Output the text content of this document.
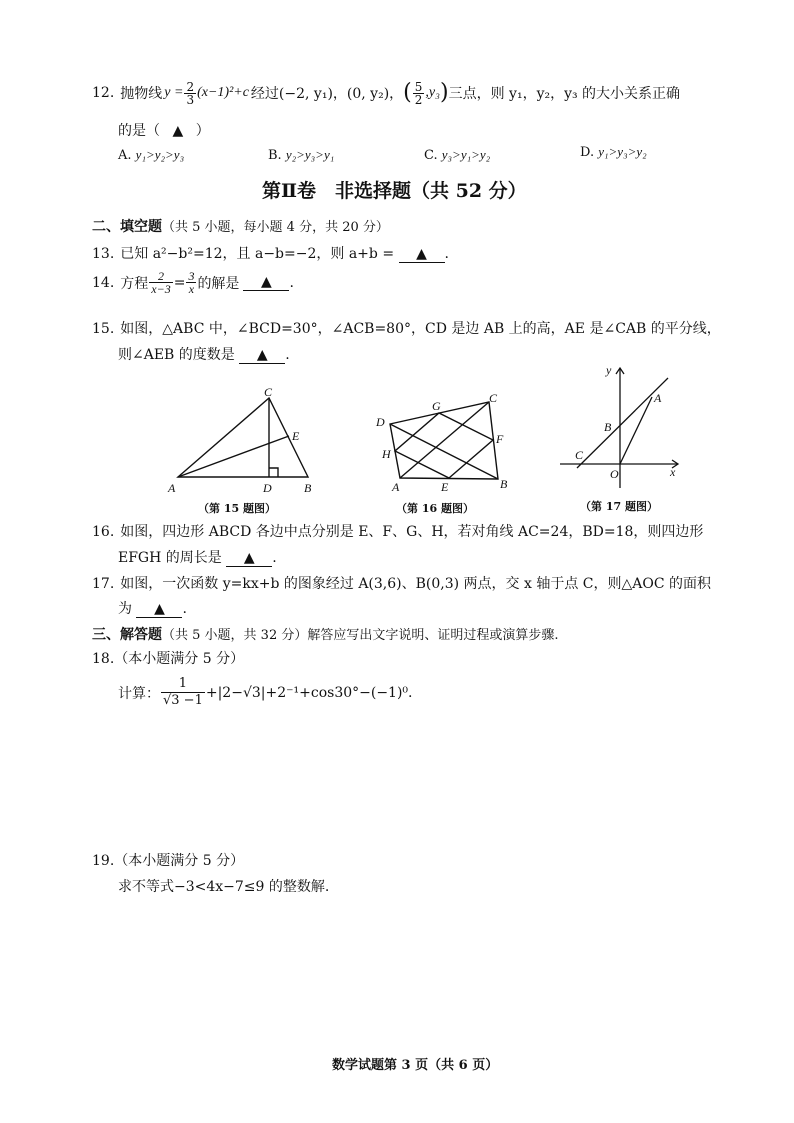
12. 抛物线 $y = \frac{2}{3} (x-1)^2+c$ 经过(−2, y₁)，(0, y₂)， ( $\frac{5}{2} ,y_3$ ) 三点，则 y₁，y₂，y₃ 的大小关系正确
的是（ ▲ ）
A. y₁>y₂>y₃	B. y₂>y₃>y₁	C. y₃>y₁>y₂	D. y₁>y₃>y₂
第Ⅱ卷　非选择题（共 52 分）
二、填空题（共 5 小题，每小题 4 分，共 20 分）
13. 已知 a²−b²=12，且 a−b=−2，则 a+b = ▲ .
14. 方程 $\frac{2}{x-3} = \frac{3}{x}$ 的解是	▲	.
15. 如图，△ABC 中，∠BCD=30°，∠ACB=80°，CD 是边 AB 上的高，AE 是∠CAB 的平分线，
则∠AEB 的度数是 ▲ .
A	B
C
D
E
（第 15 题图）
D
C
B
A	E
F
G
H
（第 16 题图）
y
x
A
B
C
O
（第 17 题图）
16. 如图，四边形 ABCD 各边中点分别是 E、F、G、H，若对角线 AC=24，BD=18，则四边形
EFGH 的周长是 ▲ .
17. 如图，一次函数 y=kx+b 的图象经过 A(3,6)、B(0,3) 两点，交 x 轴于点 C，则△AOC 的面积
为 ▲ .
三、解答题（共 5 小题，共 32 分）解答应写出文字说明、证明过程或演算步骤.
18.（本小题满分 5 分）
计算： $\frac{1}{√3 -1} +|2-√3|+2^{-1}+\cos 30^\circ-(-1)^0$.
19.（本小题满分 5 分）
求不等式−3<4x−7≤9 的整数解.
数学试题第 3 页（共 6 页）
